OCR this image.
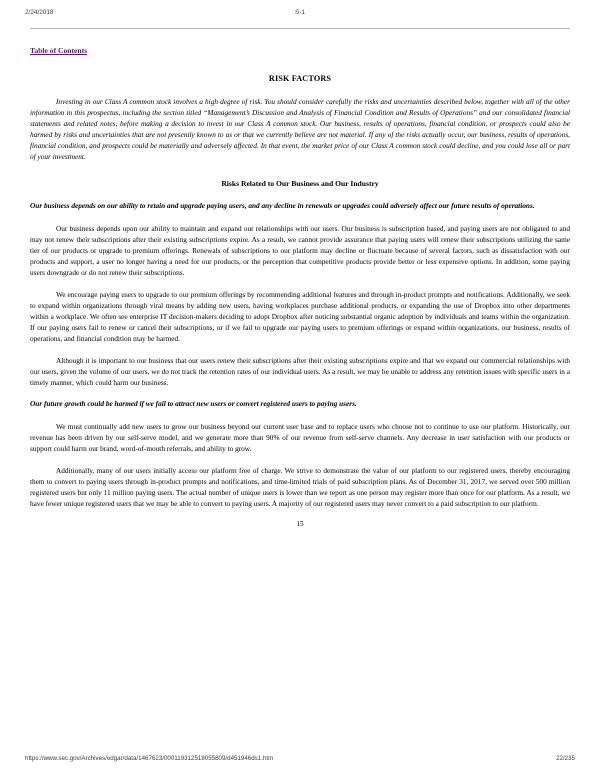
2/24/2018	S-1
Table of Contents
RISK FACTORS

Investing in our Class A common stock involves a high degree of risk. You should consider carefully the risks and uncertainties described below, together with all of the other information in this prospectus, including the section titled “Management’s Discussion and Analysis of Financial Condition and Results of Operations” and our consolidated financial statements and related notes, before making a decision to invest in our Class A common stock. Our business, results of operations, financial condition, or prospects could also be harmed by risks and uncertainties that are not presently known to us or that we currently believe are not material. If any of the risks actually occur, our business, results of operations, financial condition, and prospects could be materially and adversely affected. In that event, the market price of our Class A common stock could decline, and you could lose all or part of your investment.

Risks Related to Our Business and Our Industry
Our business depends on our ability to retain and upgrade paying users, and any decline in renewals or upgrades could adversely affect our future results of operations.

Our business depends upon our ability to maintain and expand our relationships with our users. Our business is subscription based, and paying users are not obligated to and may not renew their subscriptions after their existing subscriptions expire. As a result, we cannot provide assurance that paying users will renew their subscriptions utilizing the same tier of our products or upgrade to premium offerings. Renewals of subscriptions to our platform may decline or fluctuate because of several factors, such as dissatisfaction with our products and support, a user no longer having a need for our products, or the perception that competitive products provide better or less expensive options. In addition, some paying users downgrade or do not renew their subscriptions.

We encourage paying users to upgrade to our premium offerings by recommending additional features and through in-product prompts and notifications. Additionally, we seek to expand within organizations through viral means by adding new users, having workplaces purchase additional products, or expanding the use of Dropbox into other departments within a workplace. We often see enterprise IT decision-makers deciding to adopt Dropbox after noticing substantial organic adoption by individuals and teams within the organization. If our paying users fail to renew or cancel their subscriptions, or if we fail to upgrade our paying users to premium offerings or expand within organizations, our business, results of operations, and financial condition may be harmed.

Although it is important to our business that our users renew their subscriptions after their existing subscriptions expire and that we expand our commercial relationships with our users, given the volume of our users, we do not track the retention rates of our individual users. As a result, we may be unable to address any retention issues with specific users in a timely manner, which could harm our business.

Our future growth could be harmed if we fail to attract new users or convert registered users to paying users.

We must continually add new users to grow our business beyond our current user base and to replace users who choose not to continue to use our platform. Historically, our revenue has been driven by our self-serve model, and we generate more than 90% of our revenue from self-serve channels. Any decrease in user satisfaction with our products or support could harm our brand, word-of-mouth referrals, and ability to grow.

Additionally, many of our users initially access our platform free of charge. We strive to demonstrate the value of our platform to our registered users, thereby encouraging them to convert to paying users through in-product prompts and notifications, and time-limited trials of paid subscription plans. As of December 31, 2017, we served over 500 million registered users but only 11 million paying users. The actual number of unique users is lower than we report as one person may register more than once for our platform. As a result, we have fewer unique registered users that we may be able to convert to paying users. A majority of our registered users may never convert to a paid subscription to our platform.

15
https://www.sec.gov/Archives/edgar/data/1467623/000119312518055809/d451946ds1.htm	22/235
